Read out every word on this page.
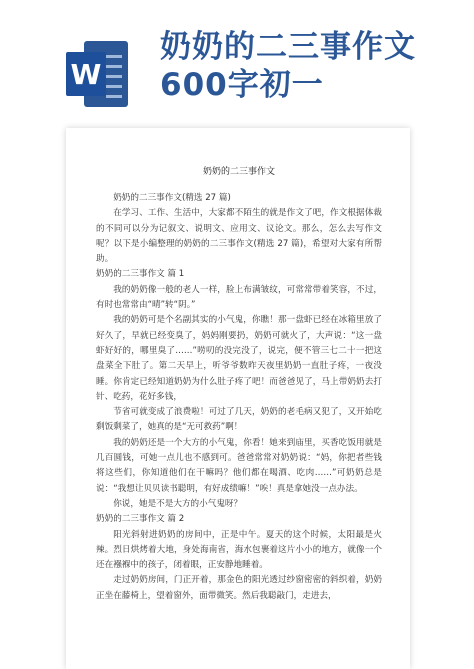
W
奶奶的二三事作文
600字初一
奶奶的二三事作文

奶奶的二三事作文(精选 27 篇)

在学习、工作、生活中，大家都不陌生的就是作文了吧，作文根据体裁的不同可以分为记叙文、说明文、应用文、议论文。那么，怎么去写作文呢？以下是小编整理的奶奶的二三事作文(精选 27 篇)，希望对大家有所帮助。

奶奶的二三事作文 篇 1

我的奶奶像一般的老人一样，脸上布满皱纹，可常常带着笑容，不过，有时也常常由“晴”转“阴。”

我的奶奶可是个名副其实的小气鬼，你瞧！那一盘虾已经在冰箱里放了好久了，早就已经变臭了，妈妈刚要扔，奶奶可就火了，大声说：“这一盘虾好好的，哪里臭了……”唠叨的没完没了，说完，便不管三七二十一把这盘菜全下肚了。第二天早上，听爷爷数昨天夜里奶奶一直肚子疼，一夜没睡。你肯定已经知道奶奶为什么肚子疼了吧！而爸爸见了，马上带奶奶去打针、吃药，花好多钱，

节省可就变成了浪费啦！可过了几天，奶奶的老毛病又犯了，又开始吃剩饭剩菜了，她真的是“无可救药”啊！

我的奶奶还是一个大方的小气鬼，你看！她来到庙里，买香吃饭用就是几百圆钱，可她一点儿也不感到可。爸爸常常对奶奶说：“妈，你把者些钱将这些们，你知道他们在干嘛吗？他们都在喝酒、吃肉……”可奶奶总是说：“我想让贝贝读书聪明，有好成绩嘛！”唉！真是拿她没一点办法。

你说，她是不是大方的小气鬼呀？

奶奶的二三事作文 篇 2

阳光斜射进奶奶的房间中，正是中午。夏天的这个时候，太阳最是火辣。烈日烘烤着大地，身处海南省，海水包裹着这片小小的地方，就像一个还在襁褓中的孩子，闭着眼，正安静地睡着。

走过奶奶房间，门正开着，那金色的阳光透过纱窗密密的斜织着，奶奶正坐在藤椅上，望着窗外，面带微笑。然后我聪敲门，走进去，
